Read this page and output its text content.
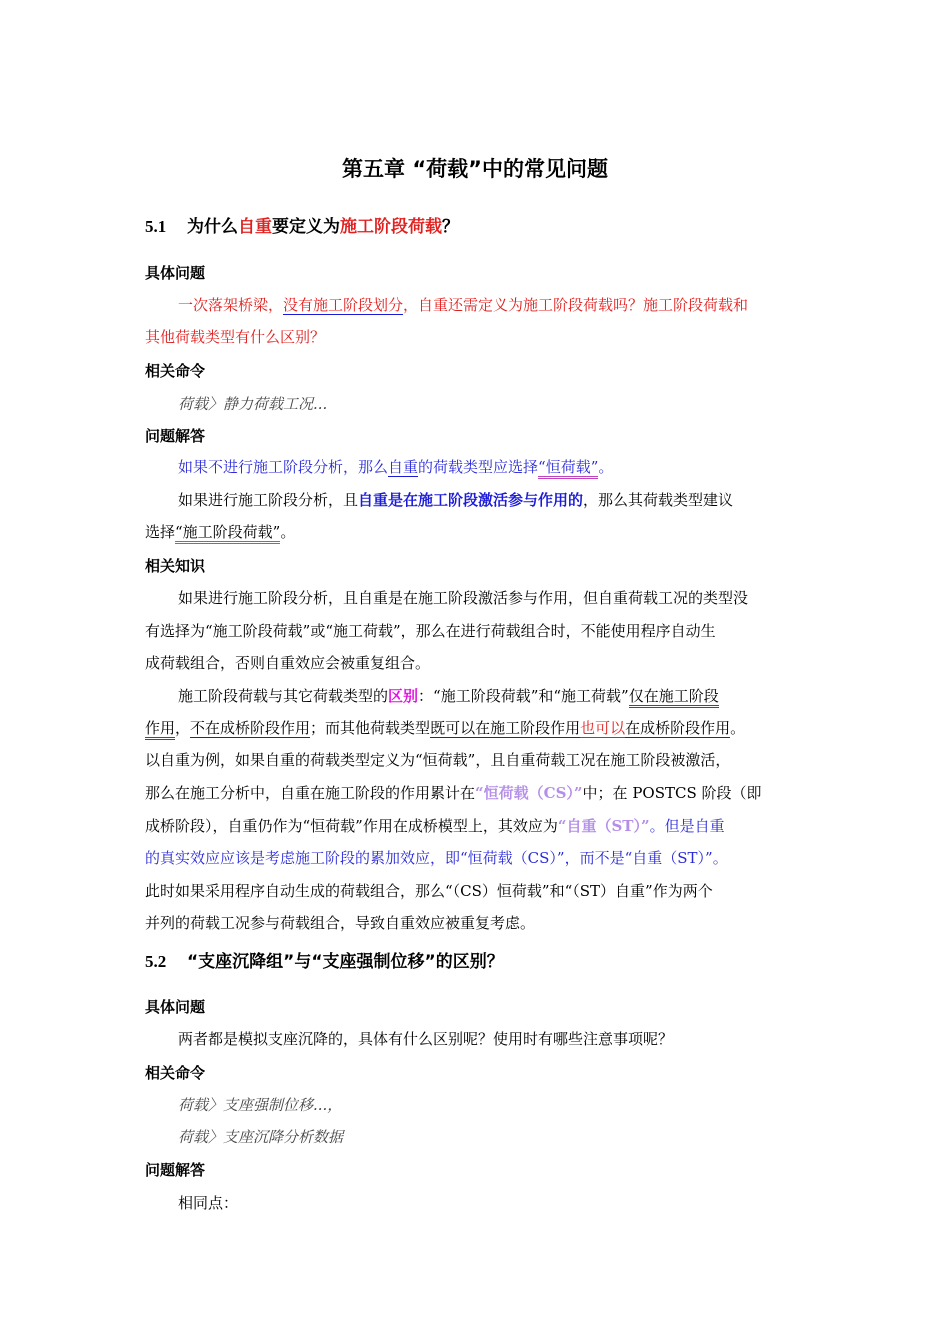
第五章 “荷载”中的常见问题
5.1 为什么自重要定义为施工阶段荷载？
具体问题
一次落架桥梁，没有施工阶段划分，自重还需定义为施工阶段荷载吗？施工阶段荷载和
其他荷载类型有什么区别？
相关命令
荷载〉静力荷载工况...
问题解答
如果不进行施工阶段分析，那么自重的荷载类型应选择“恒荷载”。
如果进行施工阶段分析，且自重是在施工阶段激活参与作用的，那么其荷载类型建议
选择“施工阶段荷载”。
相关知识
如果进行施工阶段分析，且自重是在施工阶段激活参与作用，但自重荷载工况的类型没
有选择为“施工阶段荷载”或“施工荷载”，那么在进行荷载组合时，不能使用程序自动生
成荷载组合，否则自重效应会被重复组合。
施工阶段荷载与其它荷载类型的区别：“施工阶段荷载”和“施工荷载”仅在施工阶段
作用，不在成桥阶段作用；而其他荷载类型既可以在施工阶段作用也可以在成桥阶段作用。
以自重为例，如果自重的荷载类型定义为“恒荷载”，且自重荷载工况在施工阶段被激活，
那么在施工分析中，自重在施工阶段的作用累计在“恒荷载（CS）”中；在 POSTCS 阶段（即
成桥阶段），自重仍作为“恒荷载”作用在成桥模型上，其效应为“自重（ST）”。但是自重
的真实效应应该是考虑施工阶段的累加效应，即“恒荷载（CS）”，而不是“自重（ST）”。
此时如果采用程序自动生成的荷载组合，那么“（CS）恒荷载”和“（ST）自重”作为两个
并列的荷载工况参与荷载组合，导致自重效应被重复考虑。
5.2 “支座沉降组”与“支座强制位移”的区别？
具体问题
两者都是模拟支座沉降的，具体有什么区别呢？使用时有哪些注意事项呢？
相关命令
荷载〉支座强制位移...，
荷载〉支座沉降分析数据
问题解答
相同点：
